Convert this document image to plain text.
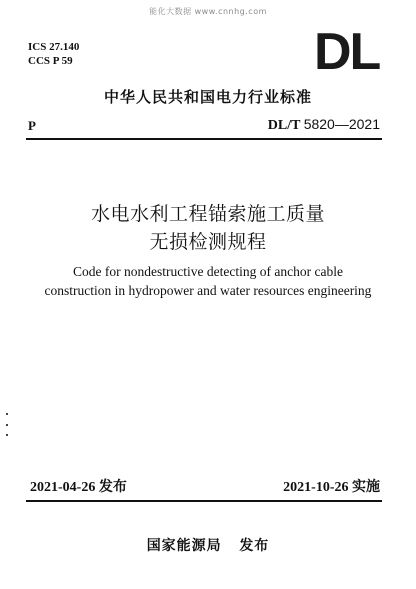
能化大数据 www.cnnhg.com
ICS 27.140
CCS P 59	DL
中华人民共和国电力行业标准
P	DL/T 5820—2021
水电水利工程锚索施工质量
无损检测规程
Code for nondestructive detecting of anchor cable
construction in hydropower and water resources engineering
2021-04-26 发布	2021-10-26 实施
国家能源局 发布
